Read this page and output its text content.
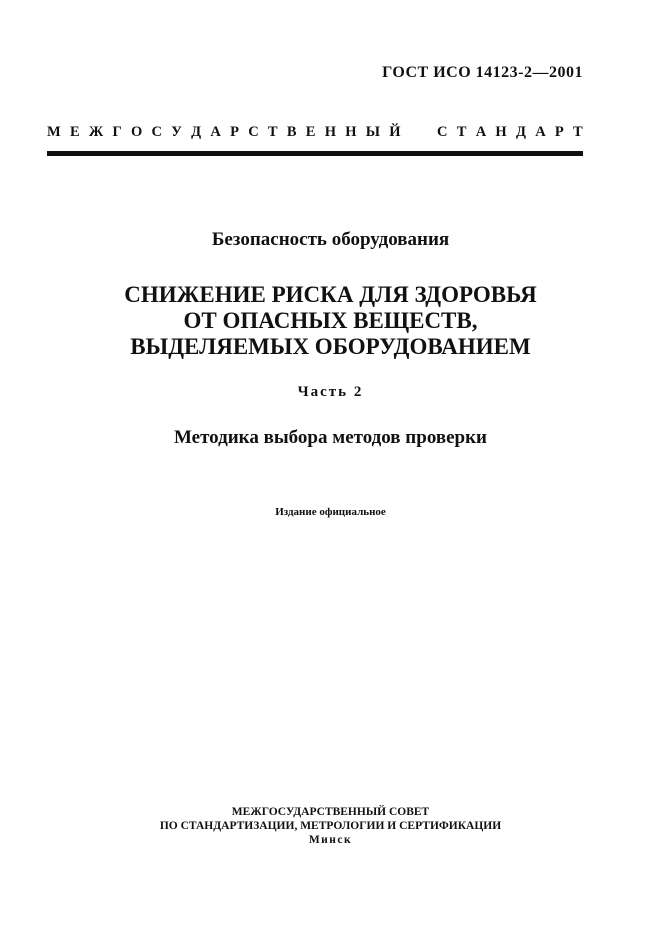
ГОСТ ИСО 14123-2—2001
М Е Ж Г О С У Д А Р С Т В Е Н Н Ы Й	С Т А Н Д А Р Т
Безопасность оборудования
СНИЖЕНИЕ РИСКА ДЛЯ ЗДОРОВЬЯ
ОТ ОПАСНЫХ ВЕЩЕСТВ,
ВЫДЕЛЯЕМЫХ ОБОРУДОВАНИЕМ
Часть 2
Методика выбора методов проверки
Издание официальное
МЕЖГОСУДАРСТВЕННЫЙ СОВЕТ
ПО СТАНДАРТИЗАЦИИ, МЕТРОЛОГИИ И СЕРТИФИКАЦИИ
Минск
